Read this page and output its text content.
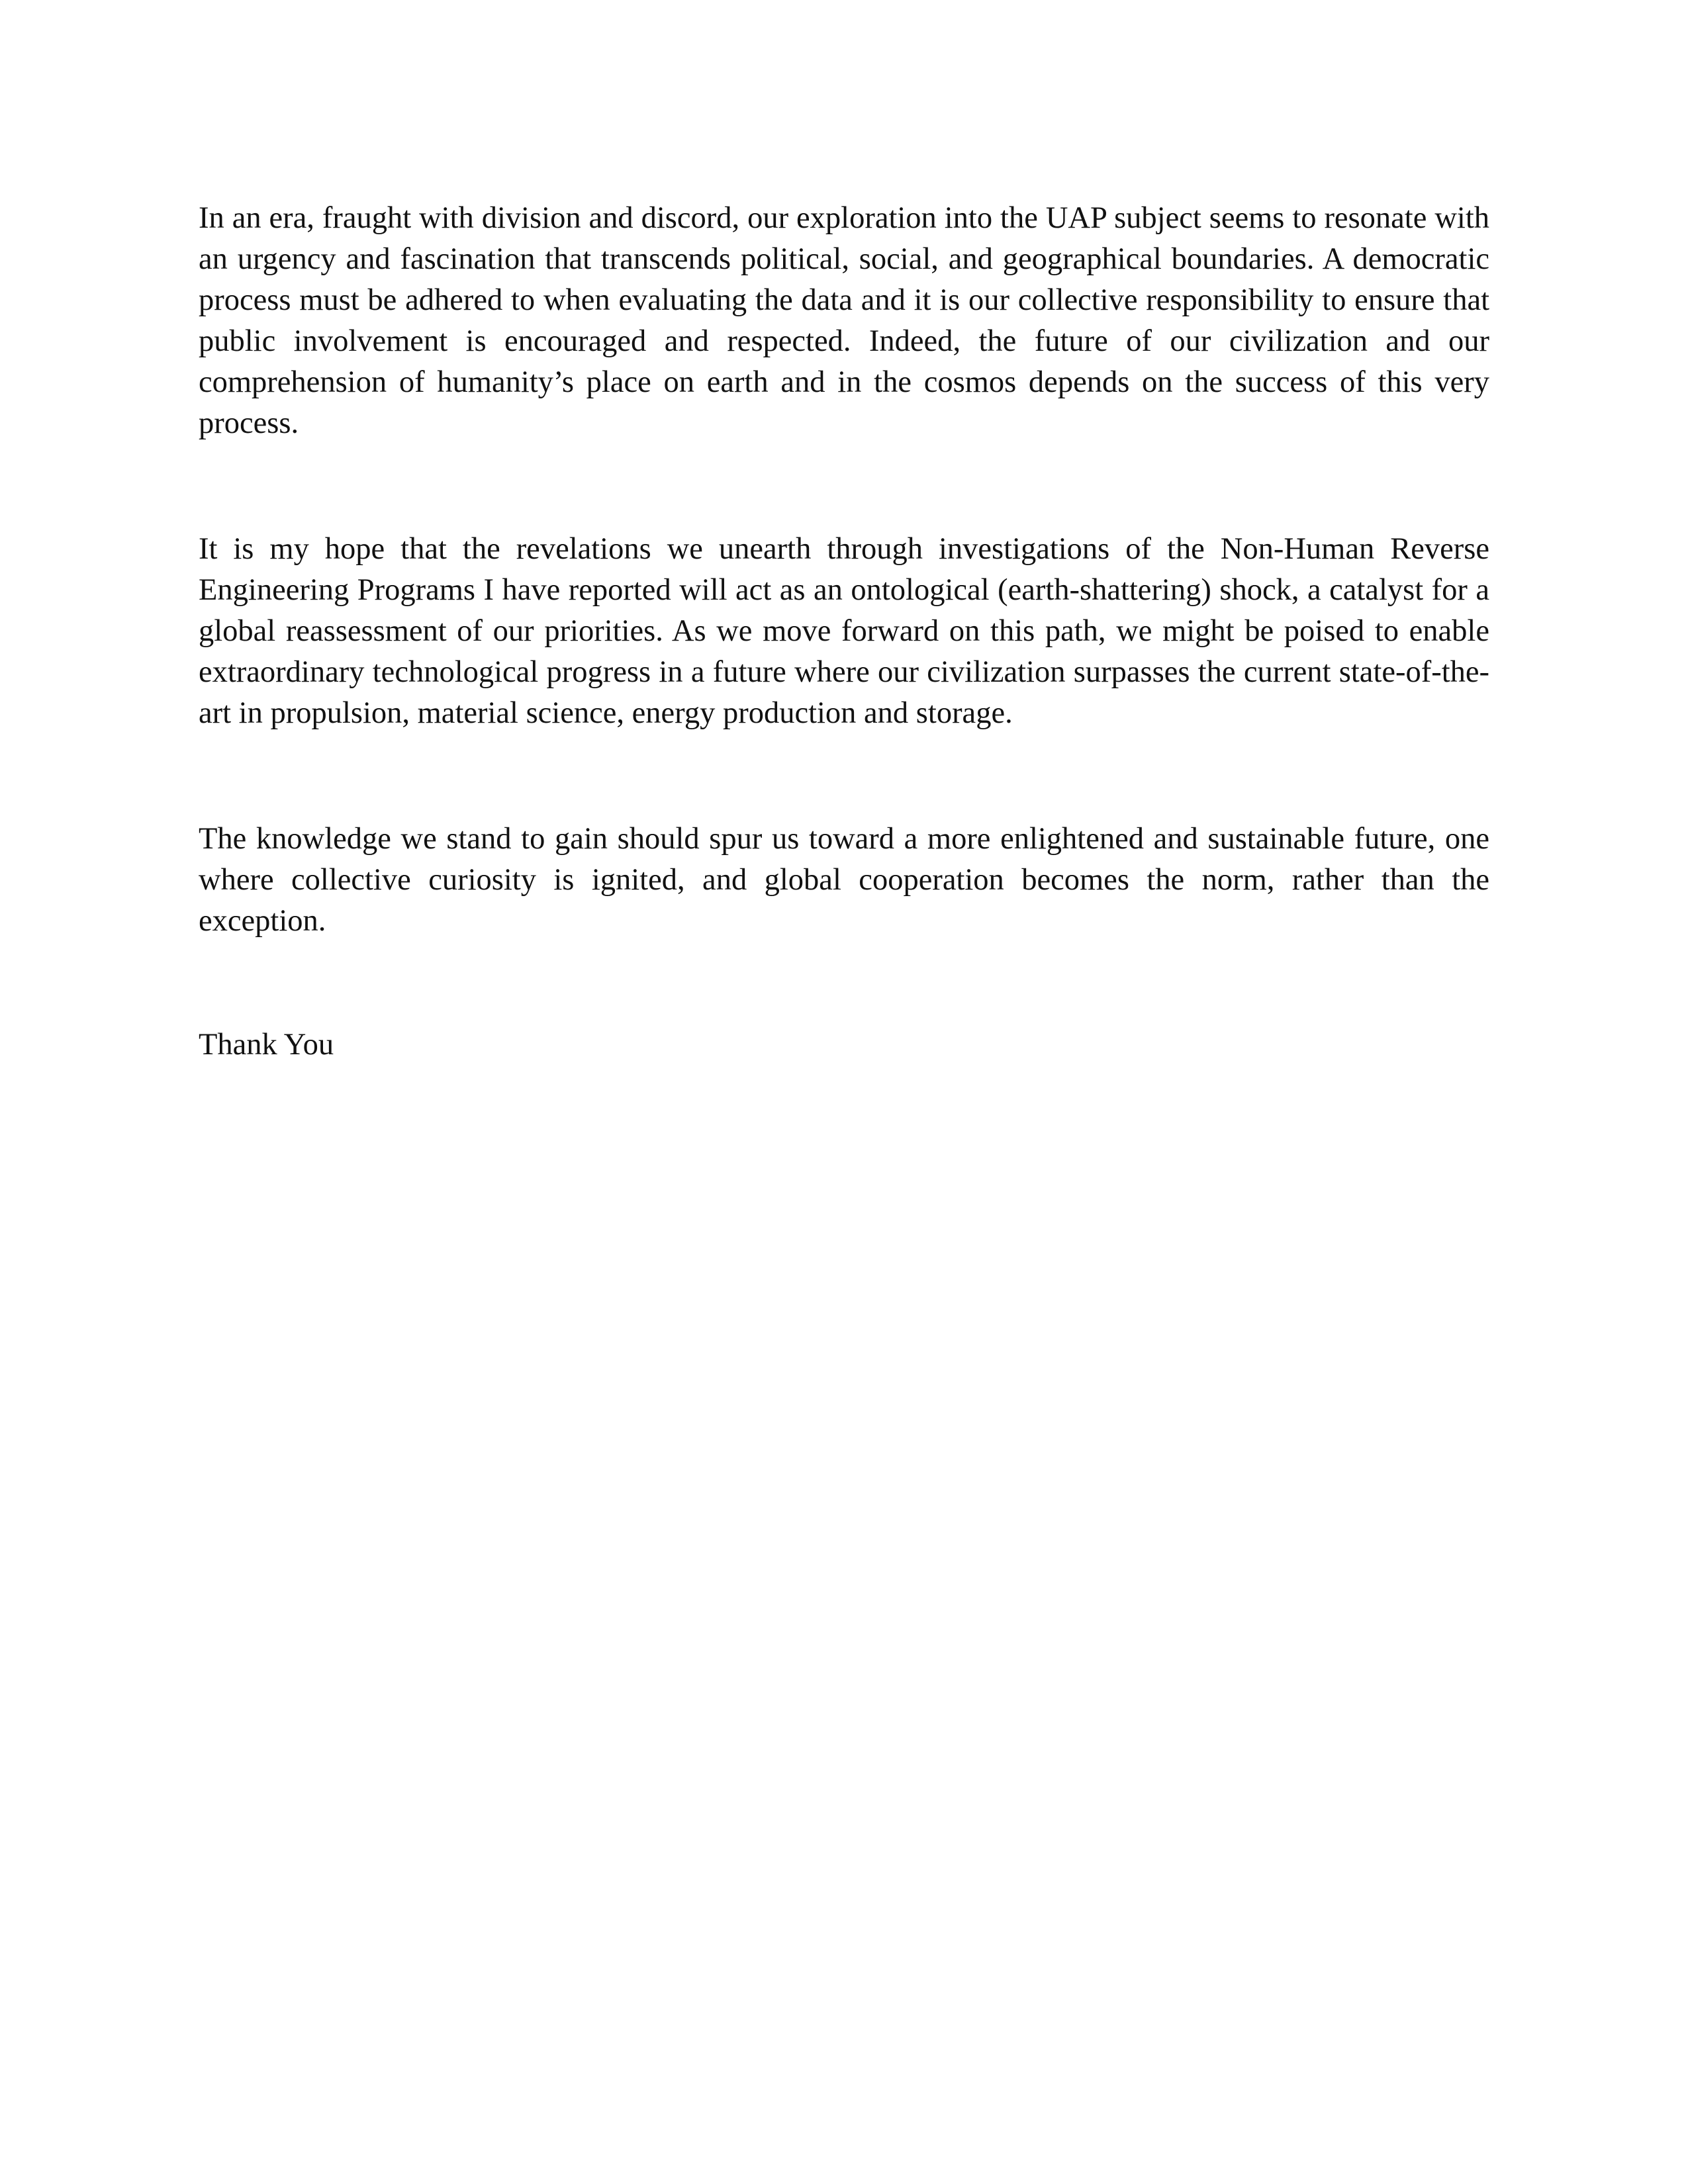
In an era, fraught with division and discord, our exploration into the UAP subject seems to resonate with an urgency and fascination that transcends political, social, and geographical boundaries. A democratic process must be adhered to when evaluating the data and it is our collective responsibility to ensure that public involvement is encouraged and respected. Indeed, the future of our civilization and our comprehension of humanity’s place on earth and in the cosmos depends on the success of this very process.

It is my hope that the revelations we unearth through investigations of the Non-Human Reverse Engineering Programs I have reported will act as an ontological (earth-shattering) shock, a catalyst for a global reassessment of our priorities. As we move forward on this path, we might be poised to enable extraordinary technological progress in a future where our civilization surpasses the current state-of-the-art in propulsion, material science, energy production and storage.

The knowledge we stand to gain should spur us toward a more enlightened and sustainable future, one where collective curiosity is ignited, and global cooperation becomes the norm, rather than the exception.

Thank You
